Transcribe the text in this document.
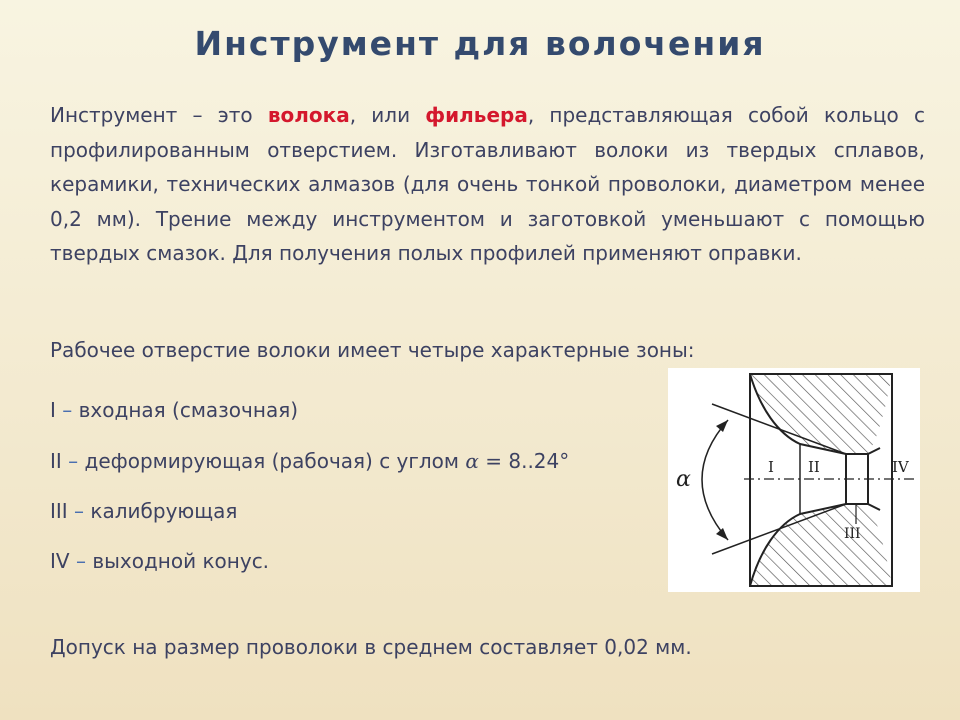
Инструмент для волочения

Инструмент – это волока, или фильера, представляющая собой кольцо с профилированным отверстием. Изготавливают волоки из твердых сплавов, керамики, технических алмазов (для очень тонкой проволоки, диаметром менее 0,2 мм). Трение между инструментом и заготовкой уменьшают с помощью твердых смазок. Для получения полых профилей применяют оправки.

Рабочее отверстие волоки имеет четыре характерные зоны:

I – входная (смазочная)
II – деформирующая (рабочая) с углом α = 8..24°
III – калибрующая
IV – выходной конус.
Допуск на размер проволоки в среднем составляет 0,02 мм.
α	I II
III
IV
